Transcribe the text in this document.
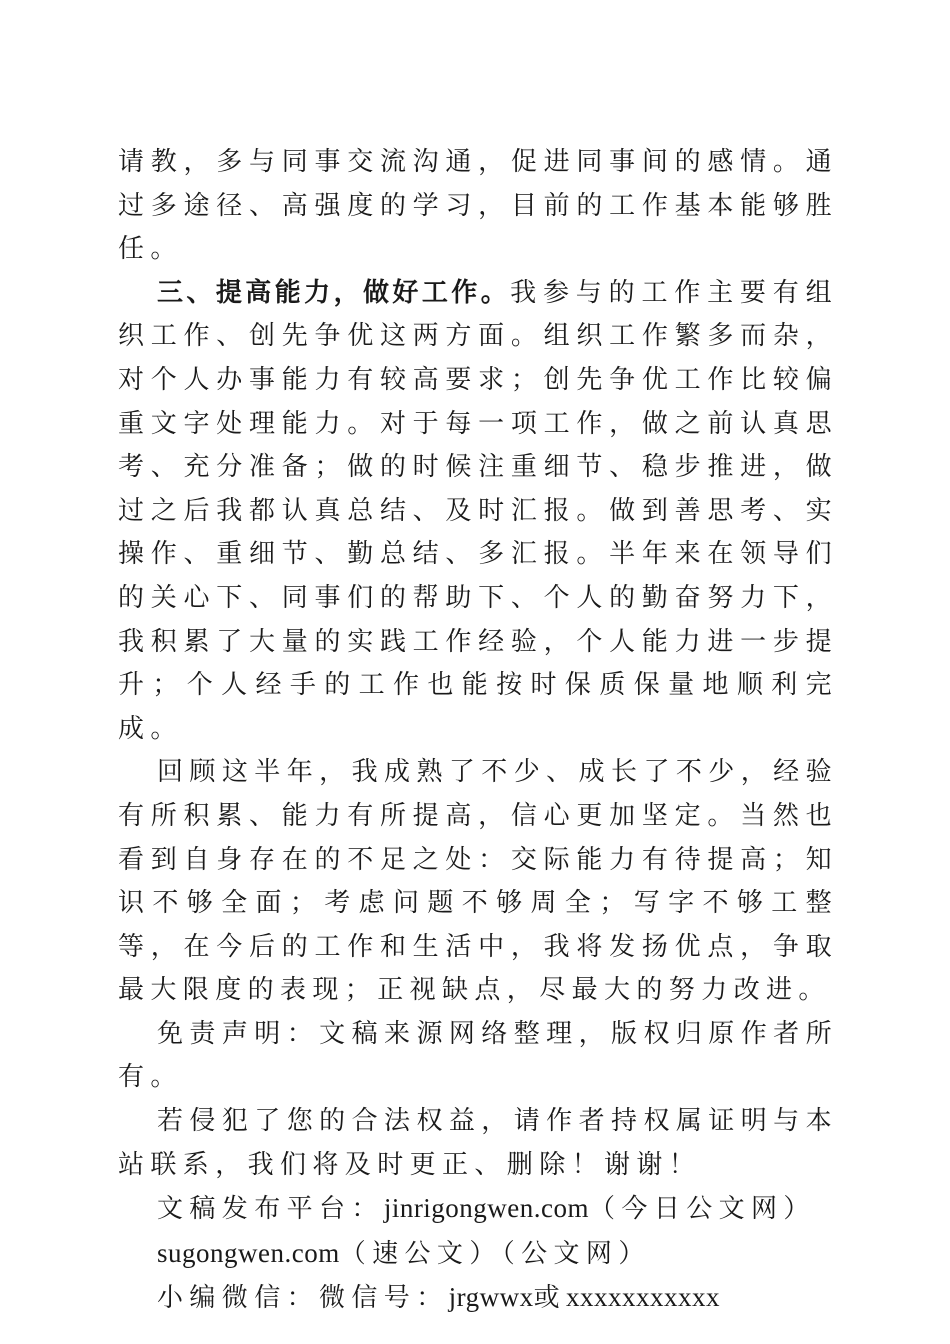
请教，多与同事交流沟通，促进同事间的感情。通过多途径、高强度的学习，目前的工作基本能够胜任。

三、提高能力，做好工作。我参与的工作主要有组织工作、创先争优这两方面。组织工作繁多而杂，对个人办事能力有较高要求；创先争优工作比较偏重文字处理能力。对于每一项工作，做之前认真思考、充分准备；做的时候注重细节、稳步推进，做过之后我都认真总结、及时汇报。做到善思考、实操作、重细节、勤总结、多汇报。半年来在领导们的关心下、同事们的帮助下、个人的勤奋努力下，我积累了大量的实践工作经验，个人能力进一步提升；个人经手的工作也能按时保质保量地顺利完成。

回顾这半年，我成熟了不少、成长了不少，经验有所积累、能力有所提高，信心更加坚定。当然也看到自身存在的不足之处：交际能力有待提高；知识不够全面；考虑问题不够周全；写字不够工整等，在今后的工作和生活中，我将发扬优点，争取最大限度的表现；正视缺点，尽最大的努力改进。

免责声明：文稿来源网络整理，版权归原作者所有。

若侵犯了您的合法权益，请作者持权属证明与本站联系，我们将及时更正、删除！谢谢！

文稿发布平台：jinrigongwen.com（今日公文网）

sugongwen.com（速公文）（公文网）

小编微信：微信号：jrgwwx或xxxxxxxxxxx
